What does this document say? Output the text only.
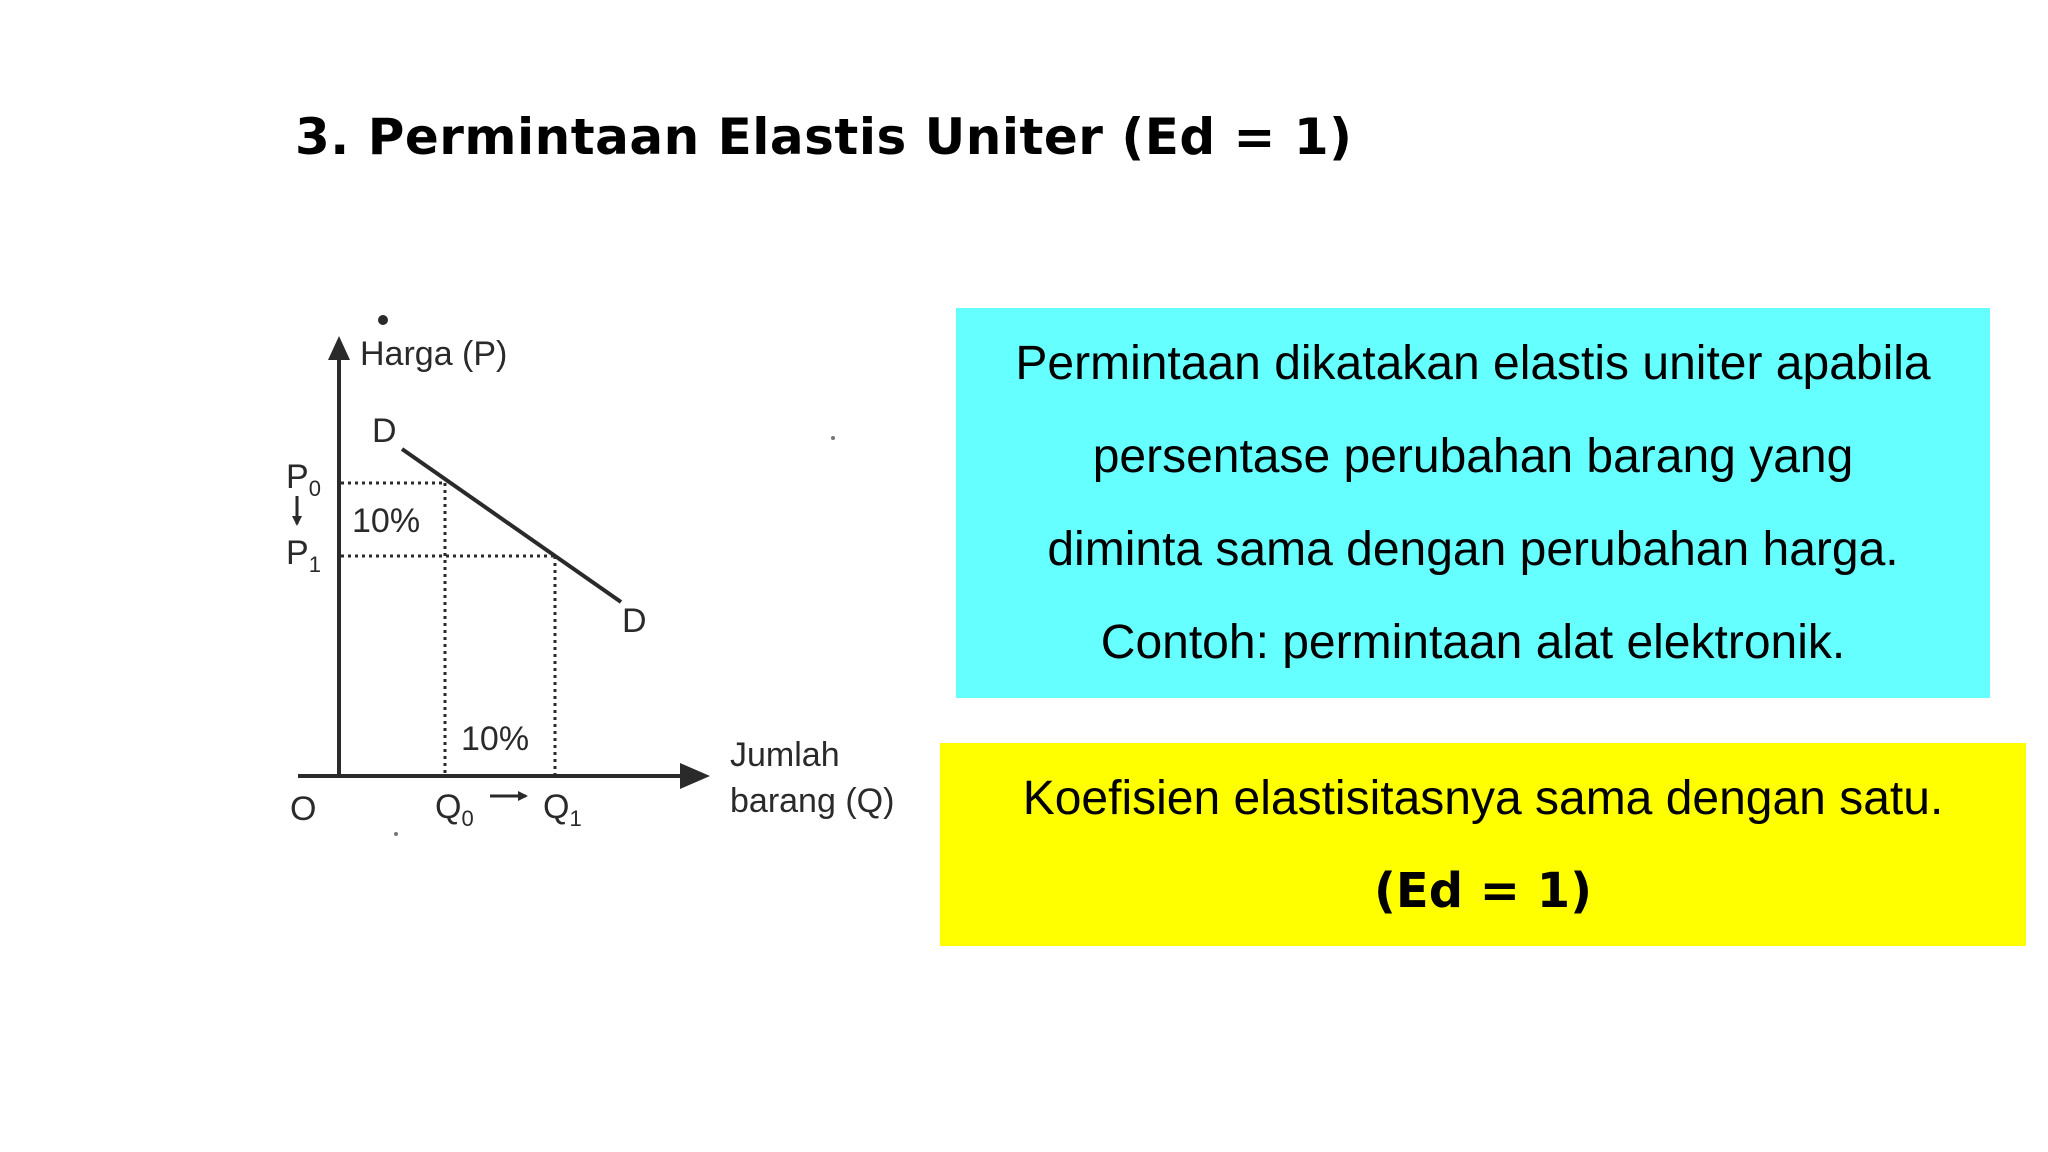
3. Permintaan Elastis Uniter (Ed = 1)
Harga (P)
Jumlah
barang (Q)
O
D
D
$P_0$
$P_1$
10%
10%
$Q_0$ $Q_1$
Permintaan dikatakan elastis uniter apabila
persentase perubahan barang yang
diminta sama dengan perubahan harga.
Contoh: permintaan alat elektronik.
Koefisien elastisitasnya sama dengan satu.
(Ed = 1)
